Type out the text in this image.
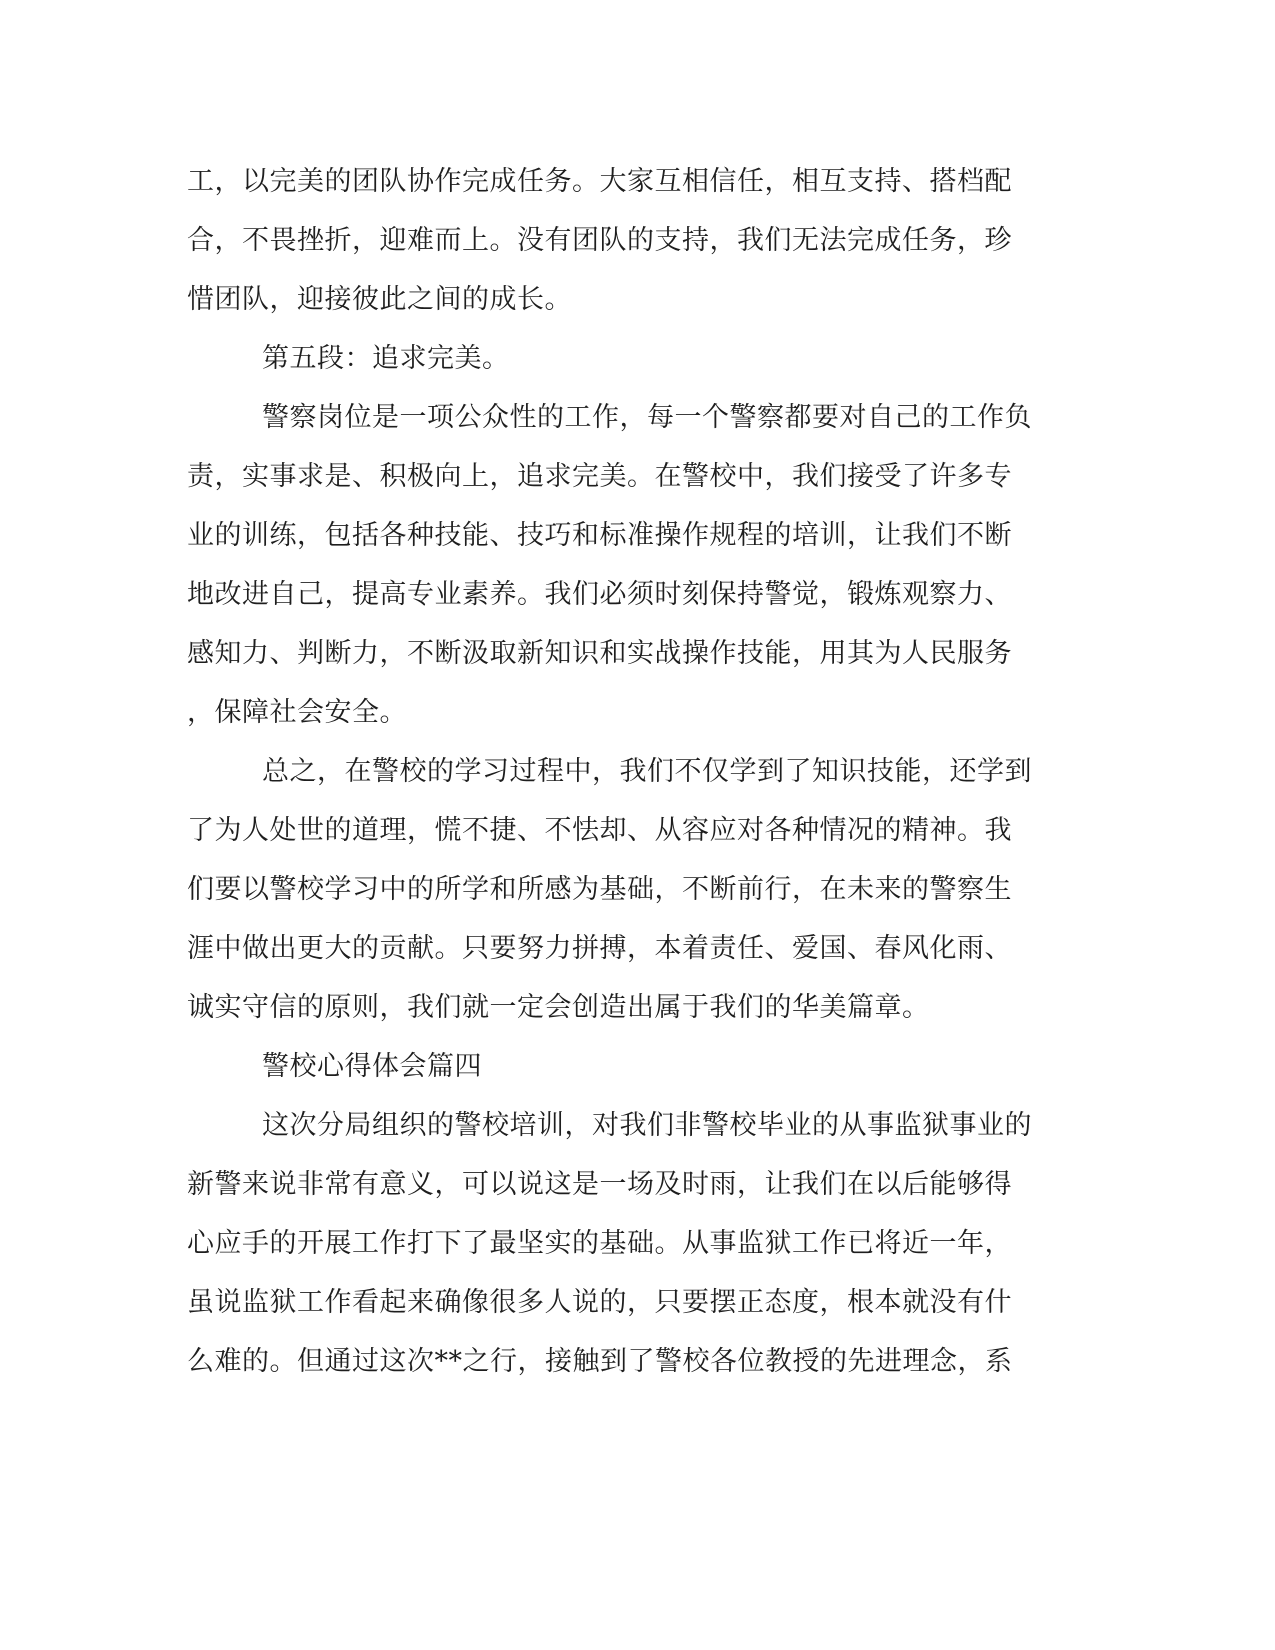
工，以完美的团队协作完成任务。大家互相信任，相互支持、搭档配
合，不畏挫折，迎难而上。没有团队的支持，我们无法完成任务，珍
惜团队，迎接彼此之间的成长。
第五段：追求完美。
警察岗位是一项公众性的工作，每一个警察都要对自己的工作负
责，实事求是、积极向上，追求完美。在警校中，我们接受了许多专
业的训练，包括各种技能、技巧和标准操作规程的培训，让我们不断
地改进自己，提高专业素养。我们必须时刻保持警觉，锻炼观察力、
感知力、判断力，不断汲取新知识和实战操作技能，用其为人民服务
，保障社会安全。
总之，在警校的学习过程中，我们不仅学到了知识技能，还学到
了为人处世的道理，慌不捷、不怯却、从容应对各种情况的精神。我
们要以警校学习中的所学和所感为基础，不断前行，在未来的警察生
涯中做出更大的贡献。只要努力拼搏，本着责任、爱国、春风化雨、
诚实守信的原则，我们就一定会创造出属于我们的华美篇章。
警校心得体会篇四
这次分局组织的警校培训，对我们非警校毕业的从事监狱事业的
新警来说非常有意义，可以说这是一场及时雨，让我们在以后能够得
心应手的开展工作打下了最坚实的基础。从事监狱工作已将近一年，
虽说监狱工作看起来确像很多人说的，只要摆正态度，根本就没有什
么难的。但通过这次**之行，接触到了警校各位教授的先进理念，系
